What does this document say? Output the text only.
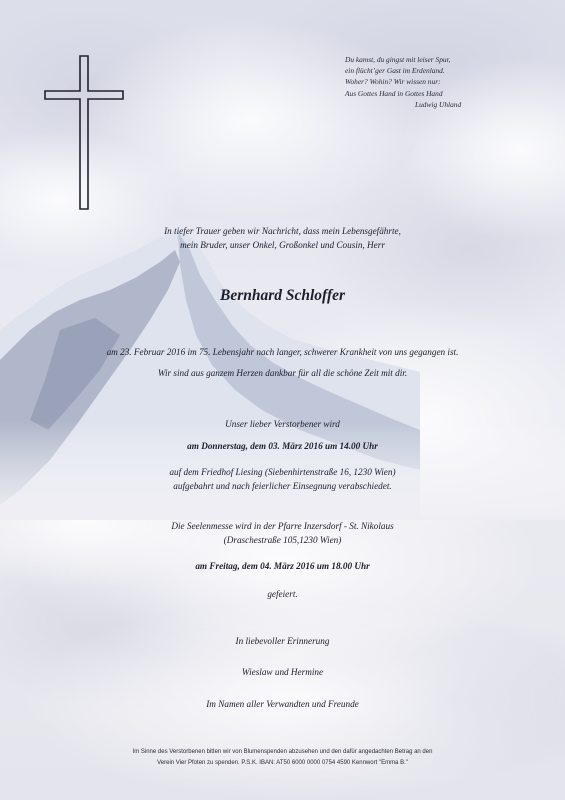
Du kamst, du gingst mit leiser Spur,
ein flücht’ger Gast im Erdenland.
Woher? Wohin? Wir wissen nur:
Aus Gottes Hand in Gottes Hand
Ludwig Uhland
In tiefer Trauer geben wir Nachricht, dass mein Lebensgefährte,
mein Bruder, unser Onkel, Großonkel und Cousin, Herr
Bernhard Schloffer
am 23. Februar 2016 im 75. Lebensjahr nach langer, schwerer Krankheit von uns gegangen ist.
Wir sind aus ganzem Herzen dankbar für all die schöne Zeit mit dir.
Unser lieber Verstorbener wird
am Donnerstag, dem 03. März 2016 um 14.00 Uhr
auf dem Friedhof Liesing (Siebenhirtenstraße 16, 1230 Wien)
aufgebahrt und nach feierlicher Einsegnung verabschiedet.
Die Seelenmesse wird in der Pfarre Inzersdorf - St. Nikolaus
(Draschestraße 105,1230 Wien)
am Freitag, dem 04. März 2016 um 18.00 Uhr
gefeiert.
In liebevoller Erinnerung
Wieslaw und Hermine
Im Namen aller Verwandten und Freunde
Im Sinne des Verstorbenen bitten wir von Blumenspenden abzusehen und den dafür angedachten Betrag an den
Verein Vier Pfoten zu spenden. P.S.K. IBAN: AT50 6000 0000 0754 4590 Kennwort "Emma B."
